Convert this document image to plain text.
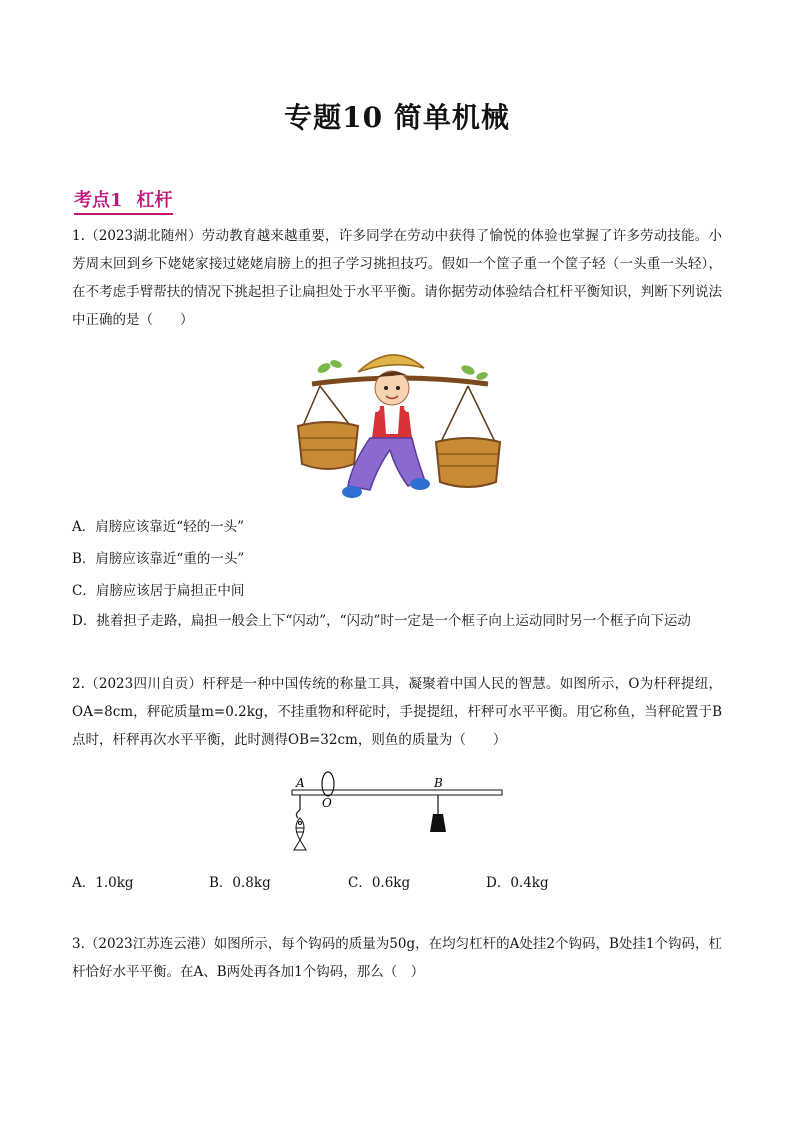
专题10 简单机械
考点1 杠杆
1.（2023湖北随州）劳动教育越来越重要，许多同学在劳动中获得了愉悦的体验也掌握了许多劳动技能。小芳周末回到乡下姥姥家接过姥姥肩膀上的担子学习挑担技巧。假如一个筐子重一个筐子轻（一头重一头轻），在不考虑手臂帮扶的情况下挑起担子让扁担处于水平平衡。请你据劳动体验结合杠杆平衡知识，判断下列说法中正确的是（　　）
A．肩膀应该靠近“轻的一头”
B．肩膀应该靠近“重的一头”
C．肩膀应该居于扁担正中间
D．挑着担子走路，扁担一般会上下“闪动”，“闪动”时一定是一个框子向上运动同时另一个框子向下运动
2.（2023四川自贡）杆秤是一种中国传统的称量工具，凝聚着中国人民的智慧。如图所示，O为杆秤提纽，OA=8cm，秤砣质量m=0.2kg，不挂重物和秤砣时，手提提纽，杆秤可水平平衡。用它称鱼，当秤砣置于B点时，杆秤再次水平平衡，此时测得OB=32cm，则鱼的质量为（　　）
A
O
B
A．1.0kg	B．0.8kg	C．0.6kg	D．0.4kg
3.（2023江苏连云港）如图所示，每个钩码的质量为50g，在均匀杠杆的A处挂2个钩码，B处挂1个钩码，杠杆恰好水平平衡。在A、B两处再各加1个钩码，那么（　）
